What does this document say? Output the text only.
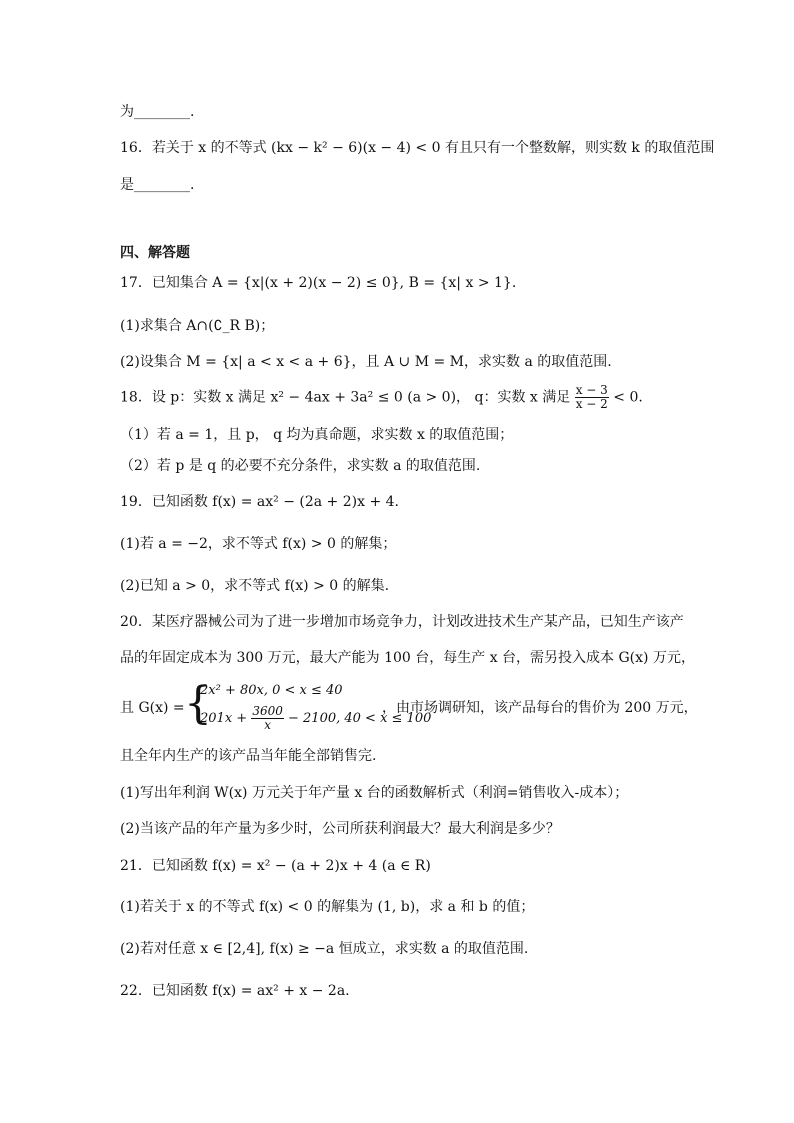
为________.
16．若关于 x 的不等式 (kx − k² − 6)(x − 4) < 0 有且只有一个整数解，则实数 k 的取值范围
是________.
四、解答题
17．已知集合 A = {x|(x + 2)(x − 2) ≤ 0}, B = {x| x > 1}.
(1)求集合 A∩(∁_R B)；
(2)设集合 M = {x| a < x < a + 6}，且 A ∪ M = M，求实数 a 的取值范围.
18．设 p：实数 x 满足 x² − 4ax + 3a² ≤ 0 (a > 0)， q：实数 x 满足 $\frac{x - 3}{x - 2} < 0$.
（1）若 a = 1，且 p， q 均为真命题，求实数 x 的取值范围；
（2）若 p 是 q 的必要不充分条件，求实数 a 的取值范围.
19．已知函数 f(x) = ax² − (2a + 2)x + 4.
(1)若 a = −2，求不等式 f(x) > 0 的解集；
(2)已知 a > 0，求不等式 f(x) > 0 的解集.
20．某医疗器械公司为了进一步增加市场竞争力，计划改进技术生产某产品，已知生产该产
品的年固定成本为 300 万元，最大产能为 100 台，每生产 x 台，需另投入成本 G(x) 万元，
且 G(x) = {
2x² + 80x, 0 < x ≤ 40
$201x + \frac{3600}{x} - 2100$, 40 < x ≤ 100
，由市场调研知，该产品每台的售价为 200 万元，
且全年内生产的该产品当年能全部销售完.
(1)写出年利润 W(x) 万元关于年产量 x 台的函数解析式（利润=销售收入-成本）；
(2)当该产品的年产量为多少时，公司所获利润最大？最大利润是多少？
21．已知函数 f(x) = x² − (a + 2)x + 4 (a ∈ R)
(1)若关于 x 的不等式 f(x) < 0 的解集为 (1, b)，求 a 和 b 的值；
(2)若对任意 x ∈ [2,4], f(x) ≥ −a 恒成立，求实数 a 的取值范围.
22．已知函数 f(x) = ax² + x − 2a.
